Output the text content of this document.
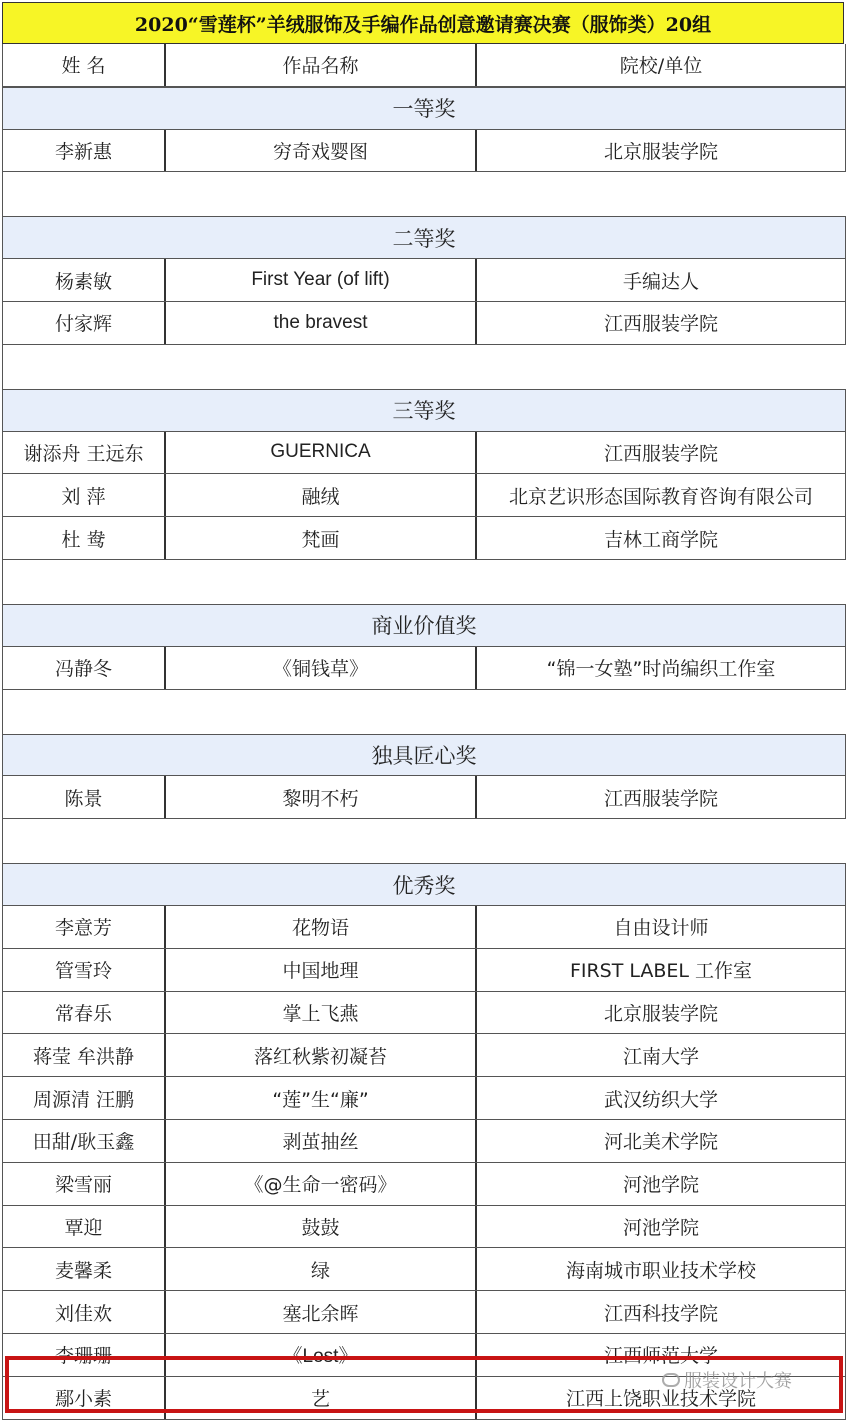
2020“雪莲杯”羊绒服饰及手编作品创意邀请赛决赛（服饰类）20组
姓 名	作品名称	院校/单位
一等奖
李新惠	穷奇戏婴图	北京服装学院
二等奖
杨素敏	First Year (of lift)	手编达人
付家辉	the bravest	江西服装学院
三等奖
谢添舟 王远东	GUERNICA	江西服装学院
刘 萍	融绒	北京艺识形态国际教育咨询有限公司
杜 鸯	梵画	吉林工商学院
商业价值奖
冯静冬	《铜钱草》	“锦一女塾”时尚编织工作室
独具匠心奖
陈景	黎明不朽	江西服装学院
优秀奖
李意芳	花物语	自由设计师
管雪玲	中国地理	FIRST LABEL 工作室
常春乐	掌上飞燕	北京服装学院
蒋莹 牟洪静	落红秋紫初凝苔	江南大学
周源清 汪鹏	“莲”生“廉”	武汉纺织大学
田甜/耿玉鑫	剥茧抽丝	河北美术学院
梁雪丽	《@生命一密码》	河池学院
覃迎	鼓鼓	河池学院
麦馨柔	绿	海南城市职业技术学校
刘佳欢	塞北余晖	江西科技学院
李珊珊	《Lost》	江西师范大学
鄢小素	艺	江西上饶职业技术学院
服装设计大赛
